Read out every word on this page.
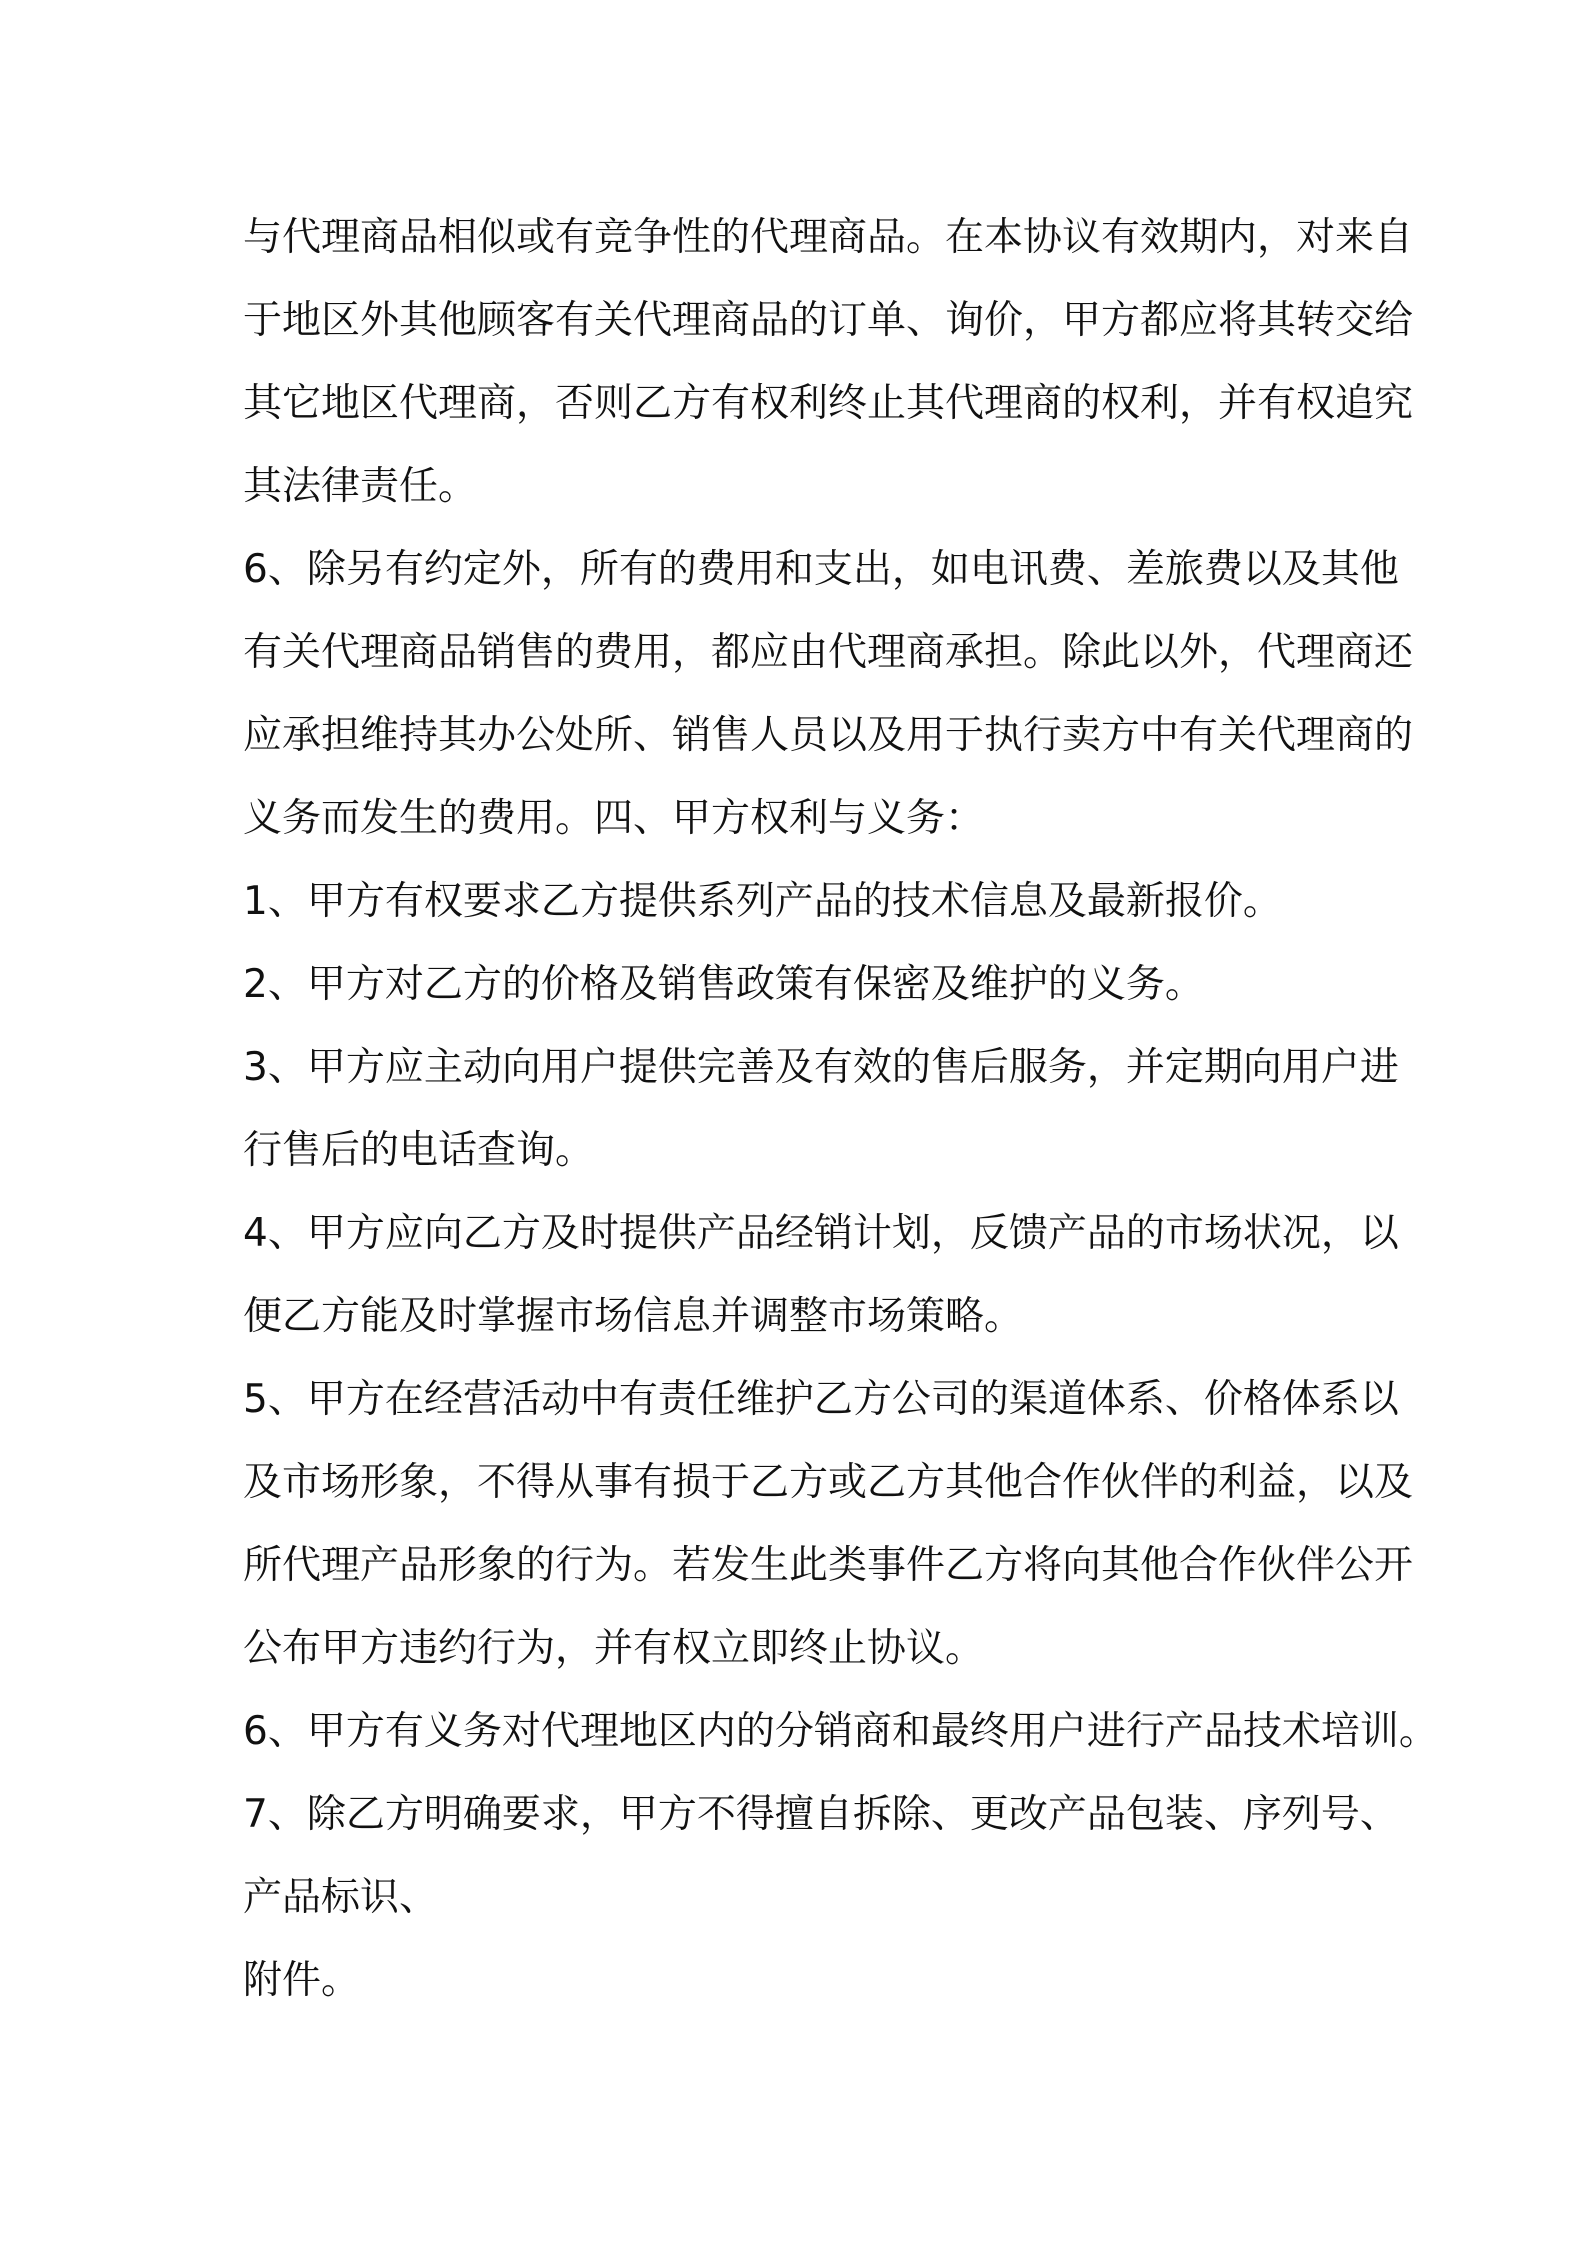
与代理商品相似或有竞争性的代理商品。在本协议有效期内，对来自
于地区外其他顾客有关代理商品的订单、询价，甲方都应将其转交给
其它地区代理商，否则乙方有权利终止其代理商的权利，并有权追究
其法律责任。
6、除另有约定外，所有的费用和支出，如电讯费、差旅费以及其他
有关代理商品销售的费用，都应由代理商承担。除此以外，代理商还
应承担维持其办公处所、销售人员以及用于执行卖方中有关代理商的
义务而发生的费用。四、甲方权利与义务：
1、甲方有权要求乙方提供系列产品的技术信息及最新报价。
2、甲方对乙方的价格及销售政策有保密及维护的义务。
3、甲方应主动向用户提供完善及有效的售后服务，并定期向用户进
行售后的电话查询。
4、甲方应向乙方及时提供产品经销计划，反馈产品的市场状况，以
便乙方能及时掌握市场信息并调整市场策略。
5、甲方在经营活动中有责任维护乙方公司的渠道体系、价格体系以
及市场形象，不得从事有损于乙方或乙方其他合作伙伴的利益，以及
所代理产品形象的行为。若发生此类事件乙方将向其他合作伙伴公开
公布甲方违约行为，并有权立即终止协议。
6、甲方有义务对代理地区内的分销商和最终用户进行产品技术培训。
7、除乙方明确要求，甲方不得擅自拆除、更改产品包装、序列号、
产品标识、
附件。
